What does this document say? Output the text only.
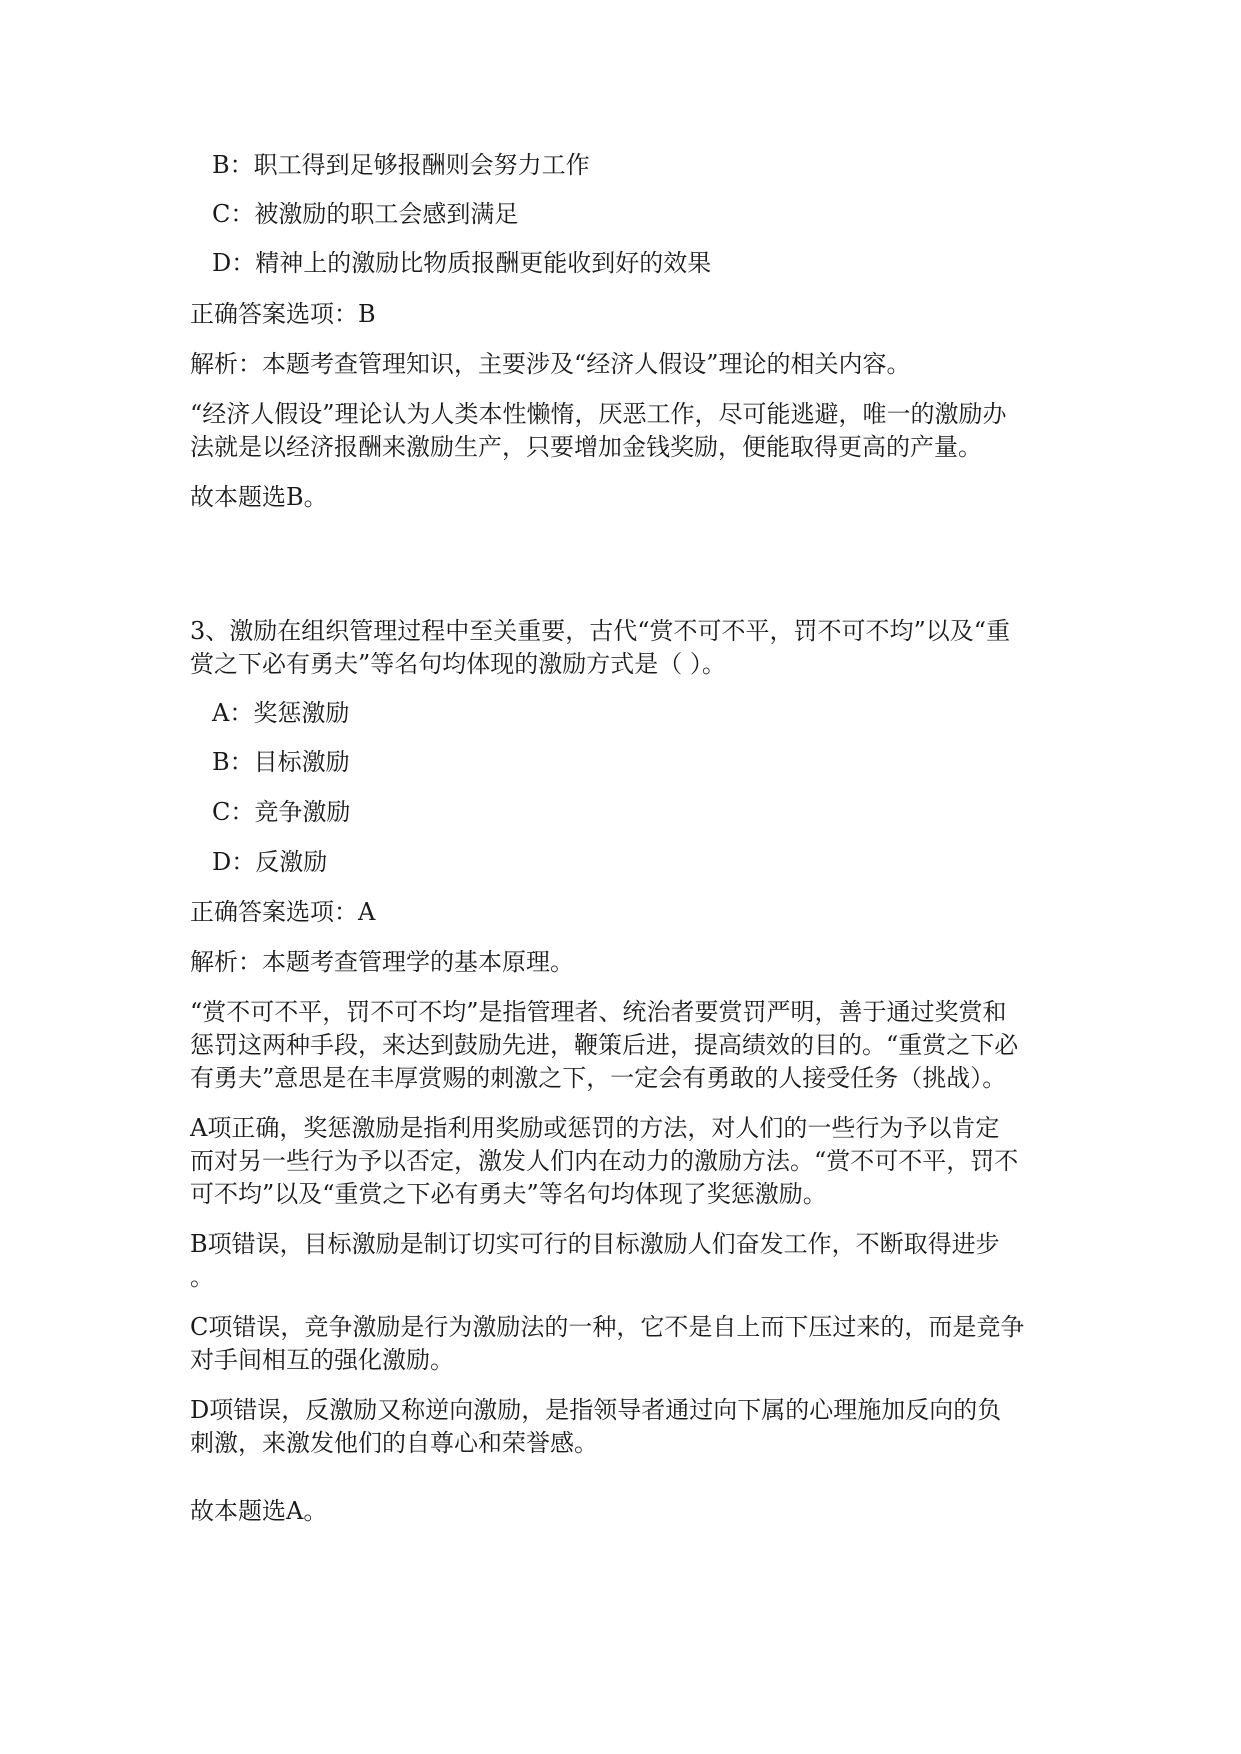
B：职工得到足够报酬则会努力工作
C：被激励的职工会感到满足
D：精神上的激励比物质报酬更能收到好的效果
正确答案选项：B
解析：本题考查管理知识，主要涉及“经济人假设”理论的相关内容。
“经济人假设”理论认为人类本性懒惰，厌恶工作，尽可能逃避，唯一的激励办
法就是以经济报酬来激励生产，只要增加金钱奖励，便能取得更高的产量。
故本题选B。
3、激励在组织管理过程中至关重要，古代“赏不可不平，罚不可不均”以及“重
赏之下必有勇夫”等名句均体现的激励方式是（ ）。
A：奖惩激励
B：目标激励
C：竞争激励
D：反激励
正确答案选项：A
解析：本题考查管理学的基本原理。
“赏不可不平，罚不可不均”是指管理者、统治者要赏罚严明，善于通过奖赏和
惩罚这两种手段，来达到鼓励先进，鞭策后进，提高绩效的目的。“重赏之下必
有勇夫”意思是在丰厚赏赐的刺激之下，一定会有勇敢的人接受任务（挑战）。
A项正确，奖惩激励是指利用奖励或惩罚的方法，对人们的一些行为予以肯定
而对另一些行为予以否定，激发人们内在动力的激励方法。“赏不可不平，罚不
可不均”以及“重赏之下必有勇夫”等名句均体现了奖惩激励。
B项错误，目标激励是制订切实可行的目标激励人们奋发工作，不断取得进步
。
C项错误，竞争激励是行为激励法的一种，它不是自上而下压过来的，而是竞争
对手间相互的强化激励。
D项错误，反激励又称逆向激励，是指领导者通过向下属的心理施加反向的负
刺激，来激发他们的自尊心和荣誉感。
故本题选A。
